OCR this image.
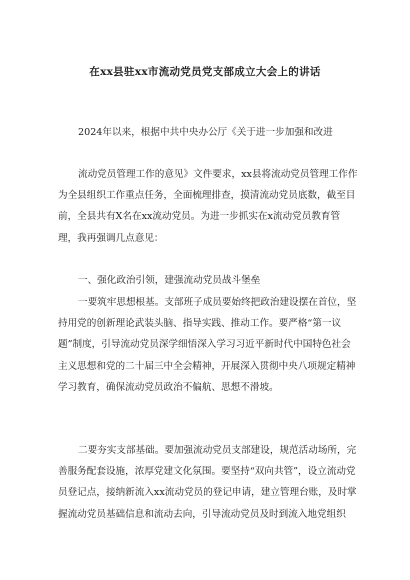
在xx县驻xx市流动党员党支部成立大会上的讲话

2024年以来，根据中共中央办公厅《关于进一步加强和改进

流动党员管理工作的意见》文件要求，xx县将流动党员管理工作作为全县组织工作重点任务，全面梳理排查，摸清流动党员底数，截至目前，全县共有X名在xx流动党员。为进一步抓实在x流动党员教育管理，我再强调几点意见：

一、强化政治引领，建强流动党员战斗堡垒

一要筑牢思想根基。支部班子成员要始终把政治建设摆在首位，坚持用党的创新理论武装头脑、指导实践、推动工作。要严格“第一议题”制度，引导流动党员深学细悟深入学习习近平新时代中国特色社会主义思想和党的二十届三中全会精神，开展深入贯彻中央八项规定精神学习教育，确保流动党员政治不偏航、思想不滑坡。

二要夯实支部基础。要加强流动党员支部建设，规范活动场所，完善服务配套设施，浓厚党建文化氛围。要坚持“双向共管”，设立流动党员登记点，接纳新流入xx流动党员的登记申请，建立管理台账，及时掌握流动党员基础信息和流动去向，引导流动党员及时到流入地党组织
